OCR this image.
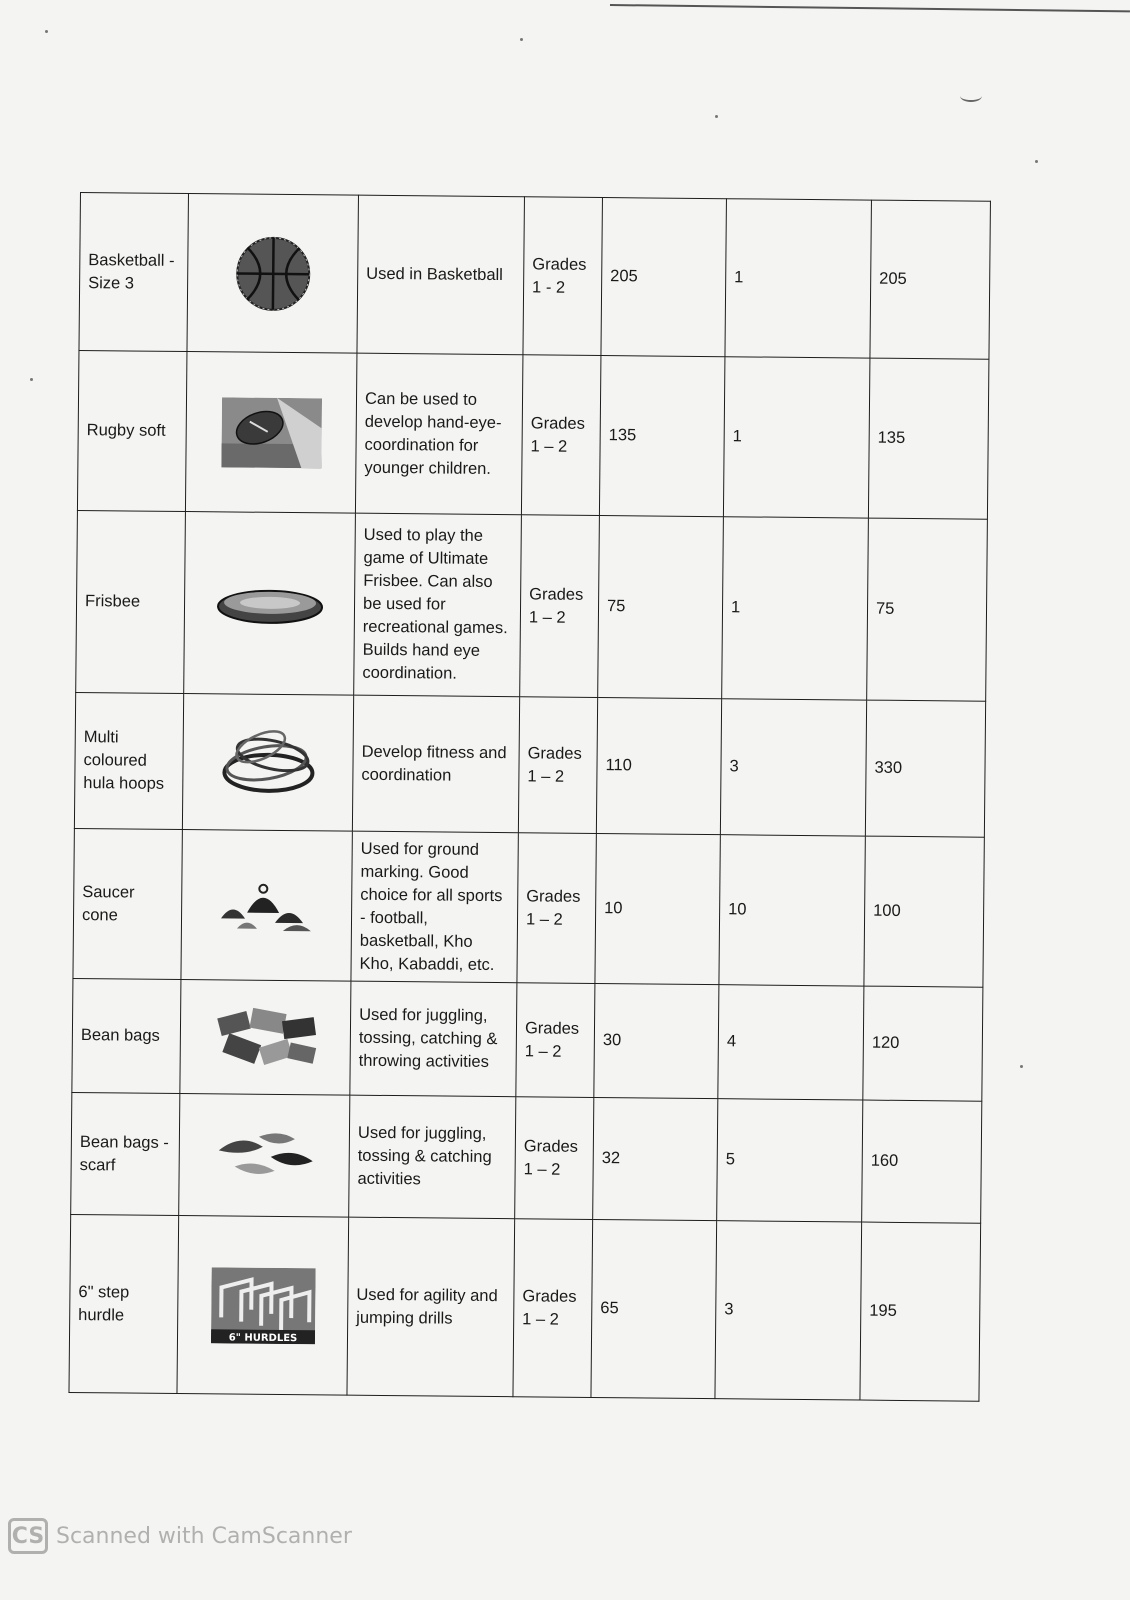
Basketball - Size 3		Used in Basketball	Grades 1 - 2	205	1	205
Rugby soft		Can be used to develop hand-eye-coordination for younger children.	Grades 1 – 2	135	1	135
Frisbee		Used to play the game of Ultimate Frisbee. Can also be used for recreational games. Builds hand eye coordination.	Grades 1 – 2	75	1	75
Multi coloured hula hoops		Develop fitness and coordination	Grades 1 – 2	110	3	330
Saucer cone		Used for ground marking. Good choice for all sports - football, basketball, Kho Kho, Kabaddi, etc.	Grades 1 – 2	10	10	100
Bean bags		Used for juggling, tossing, catching & throwing activities	Grades 1 – 2	30	4	120
Bean bags - scarf		Used for juggling, tossing & catching activities	Grades 1 – 2	32	5	160
6" step hurdle	6" HURDLES	Used for agility and jumping drills	Grades 1 – 2	65	3	195
CS Scanned with CamScanner
